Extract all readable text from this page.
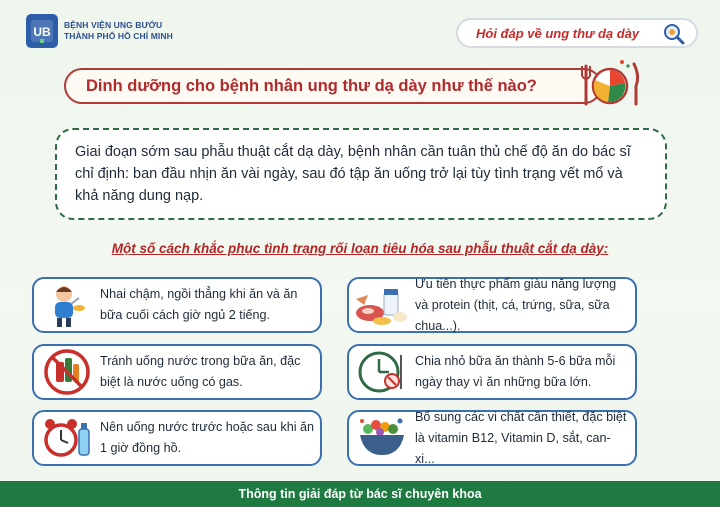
UB BỆNH VIỆN UNG BƯỚU
THÀNH PHỐ HỒ CHÍ MINH	Hỏi đáp về ung thư dạ dày
Dinh dưỡng cho bệnh nhân ung thư dạ dày như thế nào?

Giai đoạn sớm sau phẫu thuật cắt dạ dày, bệnh nhân cần tuân thủ chế độ ăn do bác sĩ chỉ định: ban đầu nhịn ăn vài ngày, sau đó tập ăn uống trở lại tùy tình trạng vết mổ và khả năng dung nạp.

Một số cách khắc phục tình trạng rối loạn tiêu hóa sau phẫu thuật cắt dạ dày:
Nhai chậm, ngồi thẳng khi ăn và ăn bữa cuối cách giờ ngủ 2 tiếng.
Ưu tiên thực phẩm giàu năng lượng và protein (thịt, cá, trứng, sữa, sữa chua...).
Tránh uống nước trong bữa ăn, đặc biệt là nước uống có gas.
Chia nhỏ bữa ăn thành 5-6 bữa mỗi ngày thay vì ăn những bữa lớn.
Nên uống nước trước hoặc sau khi ăn 1 giờ đồng hồ.
Bổ sung các vi chất cần thiết, đặc biệt là vitamin B12, Vitamin D, sắt, can-xi...
Thông tin giải đáp từ bác sĩ chuyên khoa
